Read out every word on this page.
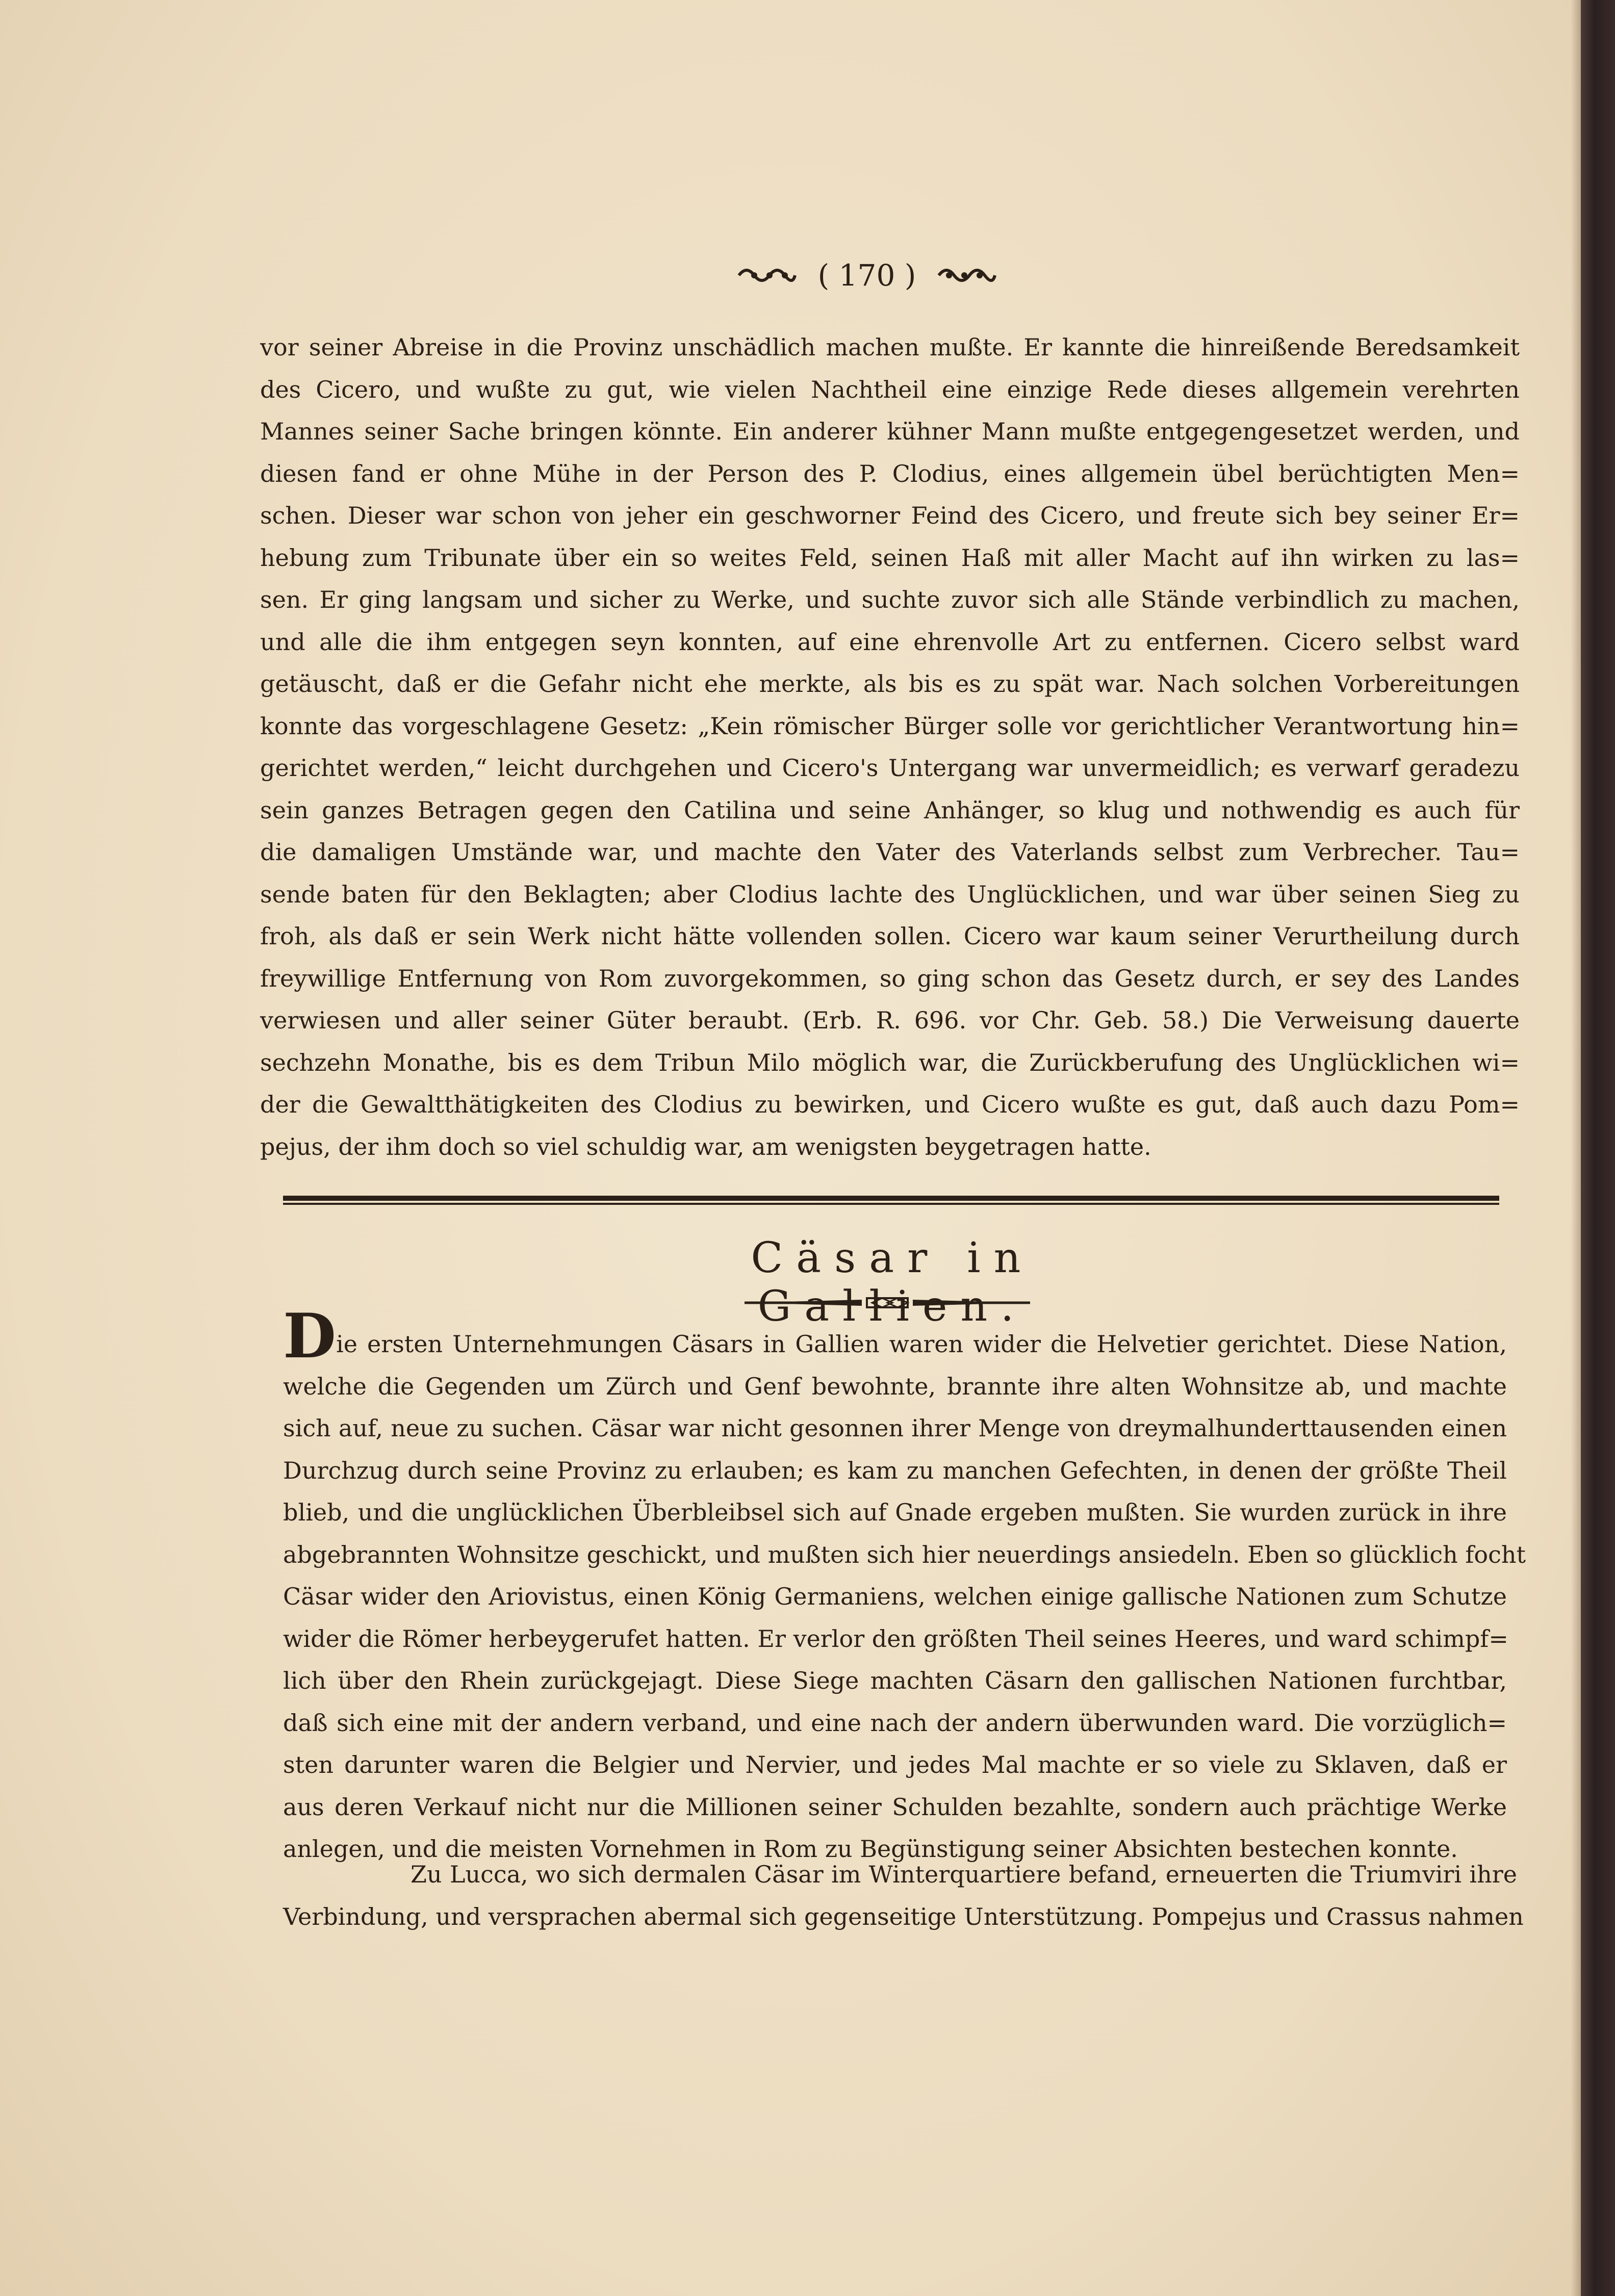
( 170 )
vor seiner Abreise in die Provinz unschädlich machen mußte. Er kannte die hinreißende Beredsamkeit
des Cicero, und wußte zu gut, wie vielen Nachtheil eine einzige Rede dieses allgemein verehrten
Mannes seiner Sache bringen könnte. Ein anderer kühner Mann mußte entgegengesetzet werden, und
diesen fand er ohne Mühe in der Person des P. Clodius, eines allgemein übel berüchtigten Men=
schen. Dieser war schon von jeher ein geschworner Feind des Cicero, und freute sich bey seiner Er=
hebung zum Tribunate über ein so weites Feld, seinen Haß mit aller Macht auf ihn wirken zu las=
sen. Er ging langsam und sicher zu Werke, und suchte zuvor sich alle Stände verbindlich zu machen,
und alle die ihm entgegen seyn konnten, auf eine ehrenvolle Art zu entfernen. Cicero selbst ward
getäuscht, daß er die Gefahr nicht ehe merkte, als bis es zu spät war. Nach solchen Vorbereitungen
konnte das vorgeschlagene Gesetz: „Kein römischer Bürger solle vor gerichtlicher Verantwortung hin=
gerichtet werden,“ leicht durchgehen und Cicero's Untergang war unvermeidlich; es verwarf geradezu
sein ganzes Betragen gegen den Catilina und seine Anhänger, so klug und nothwendig es auch für
die damaligen Umstände war, und machte den Vater des Vaterlands selbst zum Verbrecher. Tau=
sende baten für den Beklagten; aber Clodius lachte des Unglücklichen, und war über seinen Sieg zu
froh, als daß er sein Werk nicht hätte vollenden sollen. Cicero war kaum seiner Verurtheilung durch
freywillige Entfernung von Rom zuvorgekommen, so ging schon das Gesetz durch, er sey des Landes
verwiesen und aller seiner Güter beraubt. (Erb. R. 696. vor Chr. Geb. 58.) Die Verweisung dauerte
sechzehn Monathe, bis es dem Tribun Milo möglich war, die Zurückberufung des Unglücklichen wi=
der die Gewaltthätigkeiten des Clodius zu bewirken, und Cicero wußte es gut, daß auch dazu Pom=
pejus, der ihm doch so viel schuldig war, am wenigsten beygetragen hatte.
Cäsar in Gallien.
Die ersten Unternehmungen Cäsars in Gallien waren wider die Helvetier gerichtet. Diese Nation,
welche die Gegenden um Zürch und Genf bewohnte, brannte ihre alten Wohnsitze ab, und machte
sich auf, neue zu suchen. Cäsar war nicht gesonnen ihrer Menge von dreymalhunderttausenden einen
Durchzug durch seine Provinz zu erlauben; es kam zu manchen Gefechten, in denen der größte Theil
blieb, und die unglücklichen Überbleibsel sich auf Gnade ergeben mußten. Sie wurden zurück in ihre
abgebrannten Wohnsitze geschickt, und mußten sich hier neuerdings ansiedeln. Eben so glücklich focht
Cäsar wider den Ariovistus, einen König Germaniens, welchen einige gallische Nationen zum Schutze
wider die Römer herbeygerufet hatten. Er verlor den größten Theil seines Heeres, und ward schimpf=
lich über den Rhein zurückgejagt. Diese Siege machten Cäsarn den gallischen Nationen furchtbar,
daß sich eine mit der andern verband, und eine nach der andern überwunden ward. Die vorzüglich=
sten darunter waren die Belgier und Nervier, und jedes Mal machte er so viele zu Sklaven, daß er
aus deren Verkauf nicht nur die Millionen seiner Schulden bezahlte, sondern auch prächtige Werke
anlegen, und die meisten Vornehmen in Rom zu Begünstigung seiner Absichten bestechen konnte.
Zu Lucca, wo sich dermalen Cäsar im Winterquartiere befand, erneuerten die Triumviri ihre
Verbindung, und versprachen abermal sich gegenseitige Unterstützung. Pompejus und Crassus nahmen
